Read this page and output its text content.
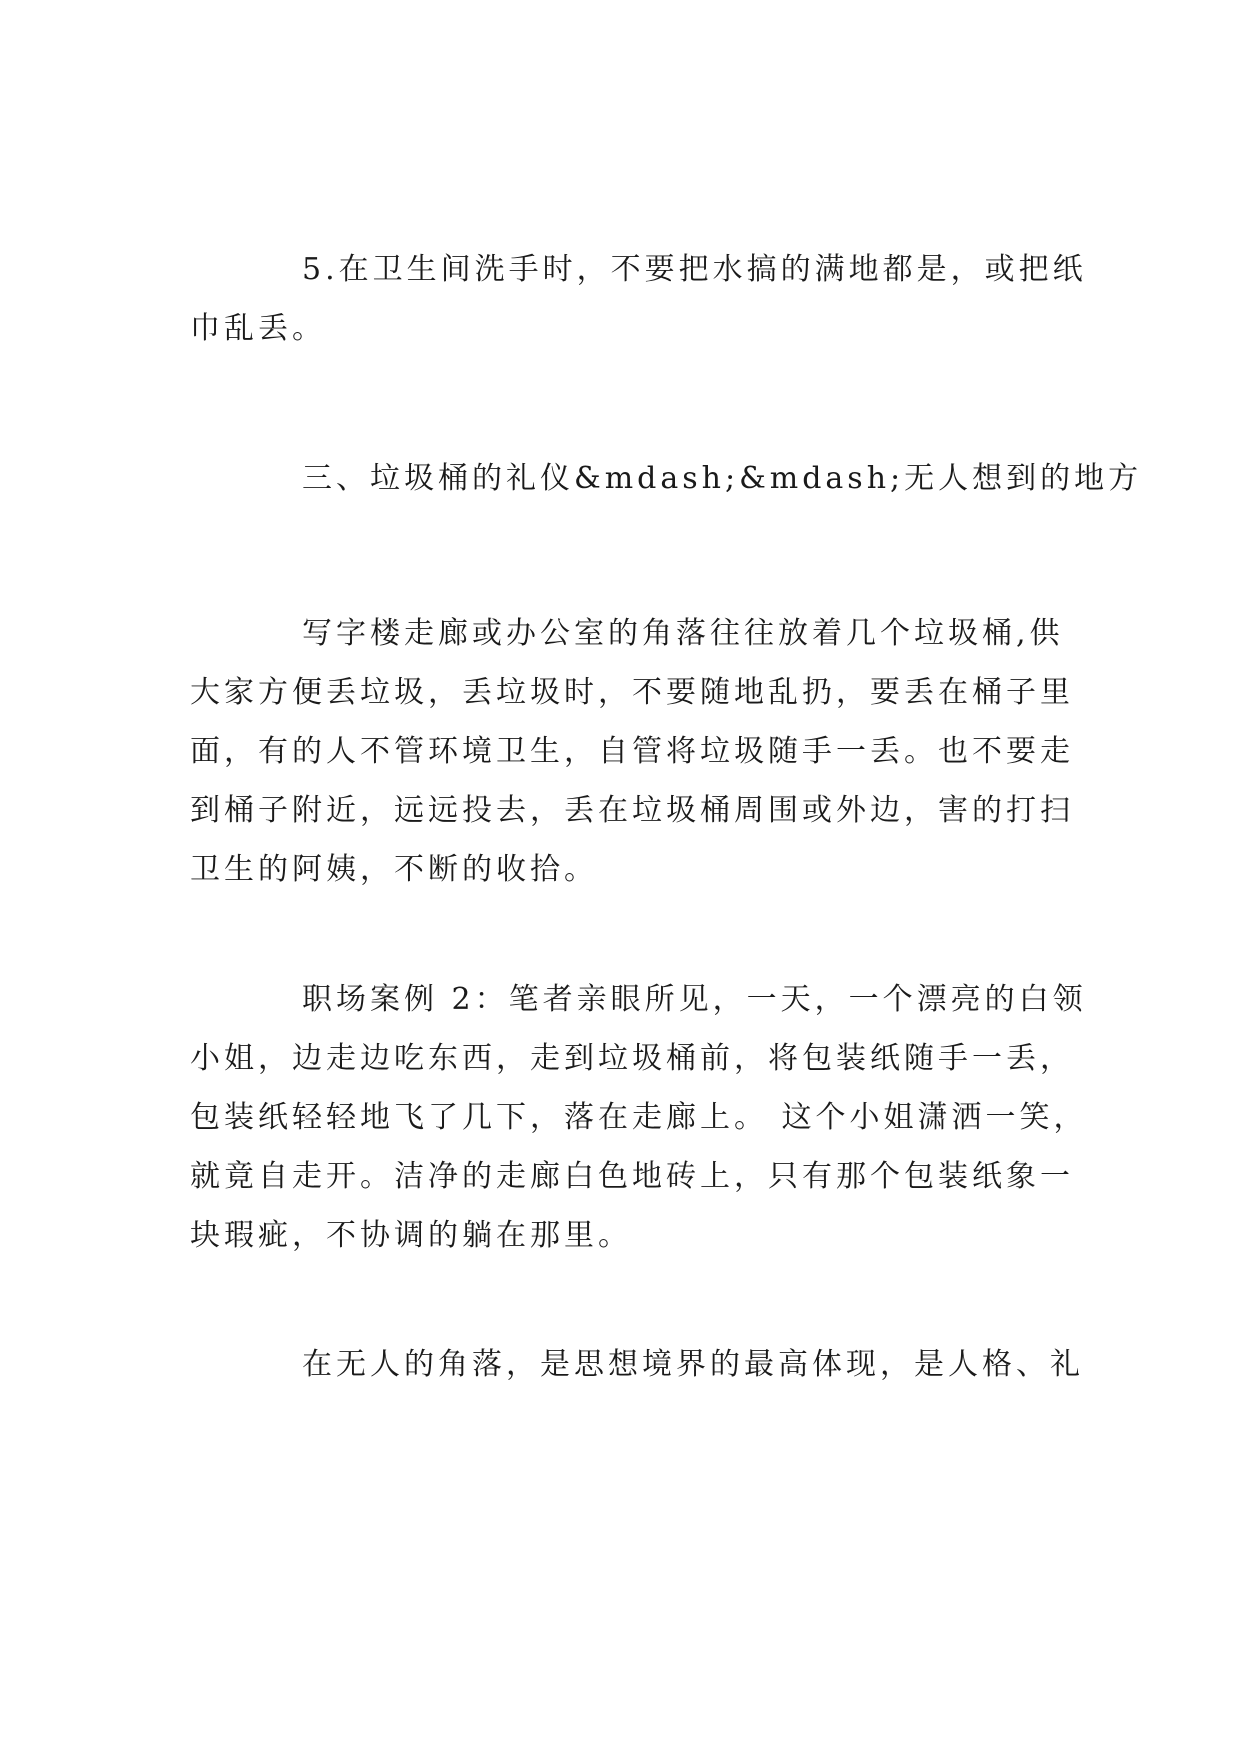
5.在卫生间洗手时，不要把水搞的满地都是，或把纸
巾乱丢。
三、垃圾桶的礼仪&mdash;&mdash;无人想到的地方
写字楼走廊或办公室的角落往往放着几个垃圾桶,供
大家方便丢垃圾，丢垃圾时，不要随地乱扔，要丢在桶子里
面，有的人不管环境卫生，自管将垃圾随手一丢。也不要走
到桶子附近，远远投去，丢在垃圾桶周围或外边，害的打扫
卫生的阿姨，不断的收拾。
职场案例 2：笔者亲眼所见，一天，一个漂亮的白领
小姐，边走边吃东西，走到垃圾桶前，将包装纸随手一丢，
包装纸轻轻地飞了几下，落在走廊上。 这个小姐潇洒一笑，
就竟自走开。洁净的走廊白色地砖上，只有那个包装纸象一
块瑕疵，不协调的躺在那里。
在无人的角落，是思想境界的最高体现，是人格、礼
